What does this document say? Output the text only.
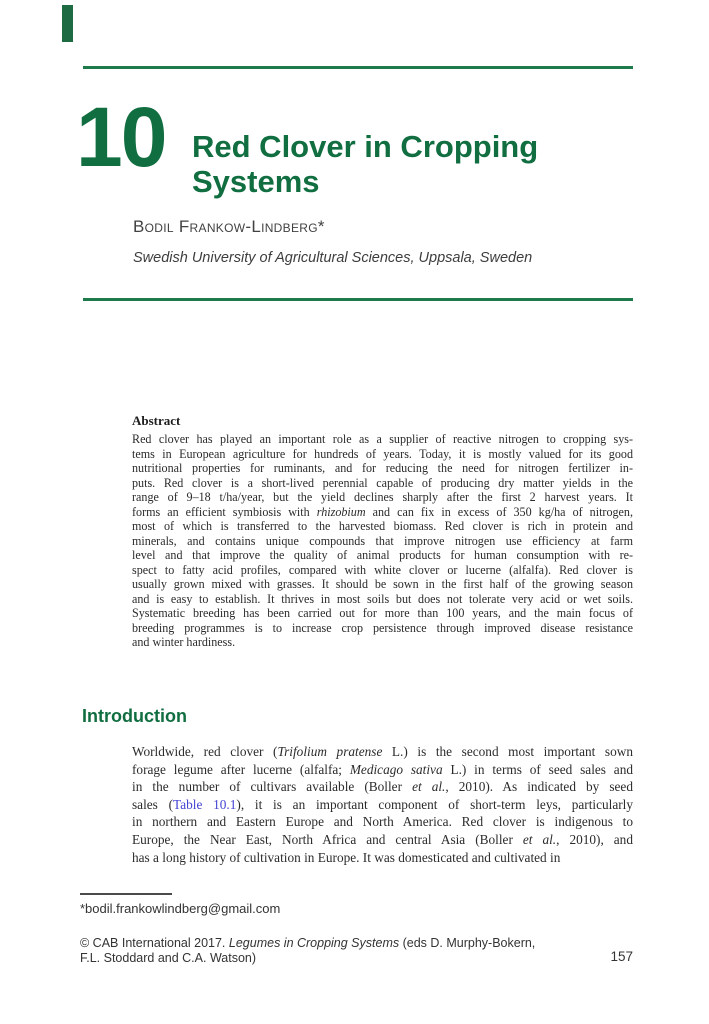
10 Red Clover in Cropping
Systems
Bodil Frankow-Lindberg*
Swedish University of Agricultural Sciences, Uppsala, Sweden
Abstract
Red clover has played an important role as a supplier of reactive nitrogen to cropping sys-
tems in European agriculture for hundreds of years. Today, it is mostly valued for its good
nutritional properties for ruminants, and for reducing the need for nitrogen fertilizer in-
puts. Red clover is a short-lived perennial capable of producing dry matter yields in the
range of 9–18 t/ha/year, but the yield declines sharply after the first 2 harvest years. It
forms an efficient symbiosis with rhizobium and can fix in excess of 350 kg/ha of nitrogen,
most of which is transferred to the harvested biomass. Red clover is rich in protein and
minerals, and contains unique compounds that improve nitrogen use efficiency at farm
level and that improve the quality of animal products for human consumption with re-
spect to fatty acid profiles, compared with white clover or lucerne (alfalfa). Red clover is
usually grown mixed with grasses. It should be sown in the first half of the growing season
and is easy to establish. It thrives in most soils but does not tolerate very acid or wet soils.
Systematic breeding has been carried out for more than 100 years, and the main focus of
breeding programmes is to increase crop persistence through improved disease resistance
and winter hardiness.
Introduction
Worldwide, red clover (Trifolium pratense L.) is the second most important sown
forage legume after lucerne (alfalfa; Medicago sativa L.) in terms of seed sales and
in the number of cultivars available (Boller et al., 2010). As indicated by seed
sales (Table 10.1), it is an important component of short-term leys, particularly
in northern and Eastern Europe and North America. Red clover is indigenous to
Europe, the Near East, North Africa and central Asia (Boller et al., 2010), and
has a long history of cultivation in Europe. It was domesticated and cultivated in
*bodil.frankowlindberg@gmail.com
© CAB International 2017. Legumes in Cropping Systems (eds D. Murphy-Bokern,
F.L. Stoddard and C.A. Watson)	157
